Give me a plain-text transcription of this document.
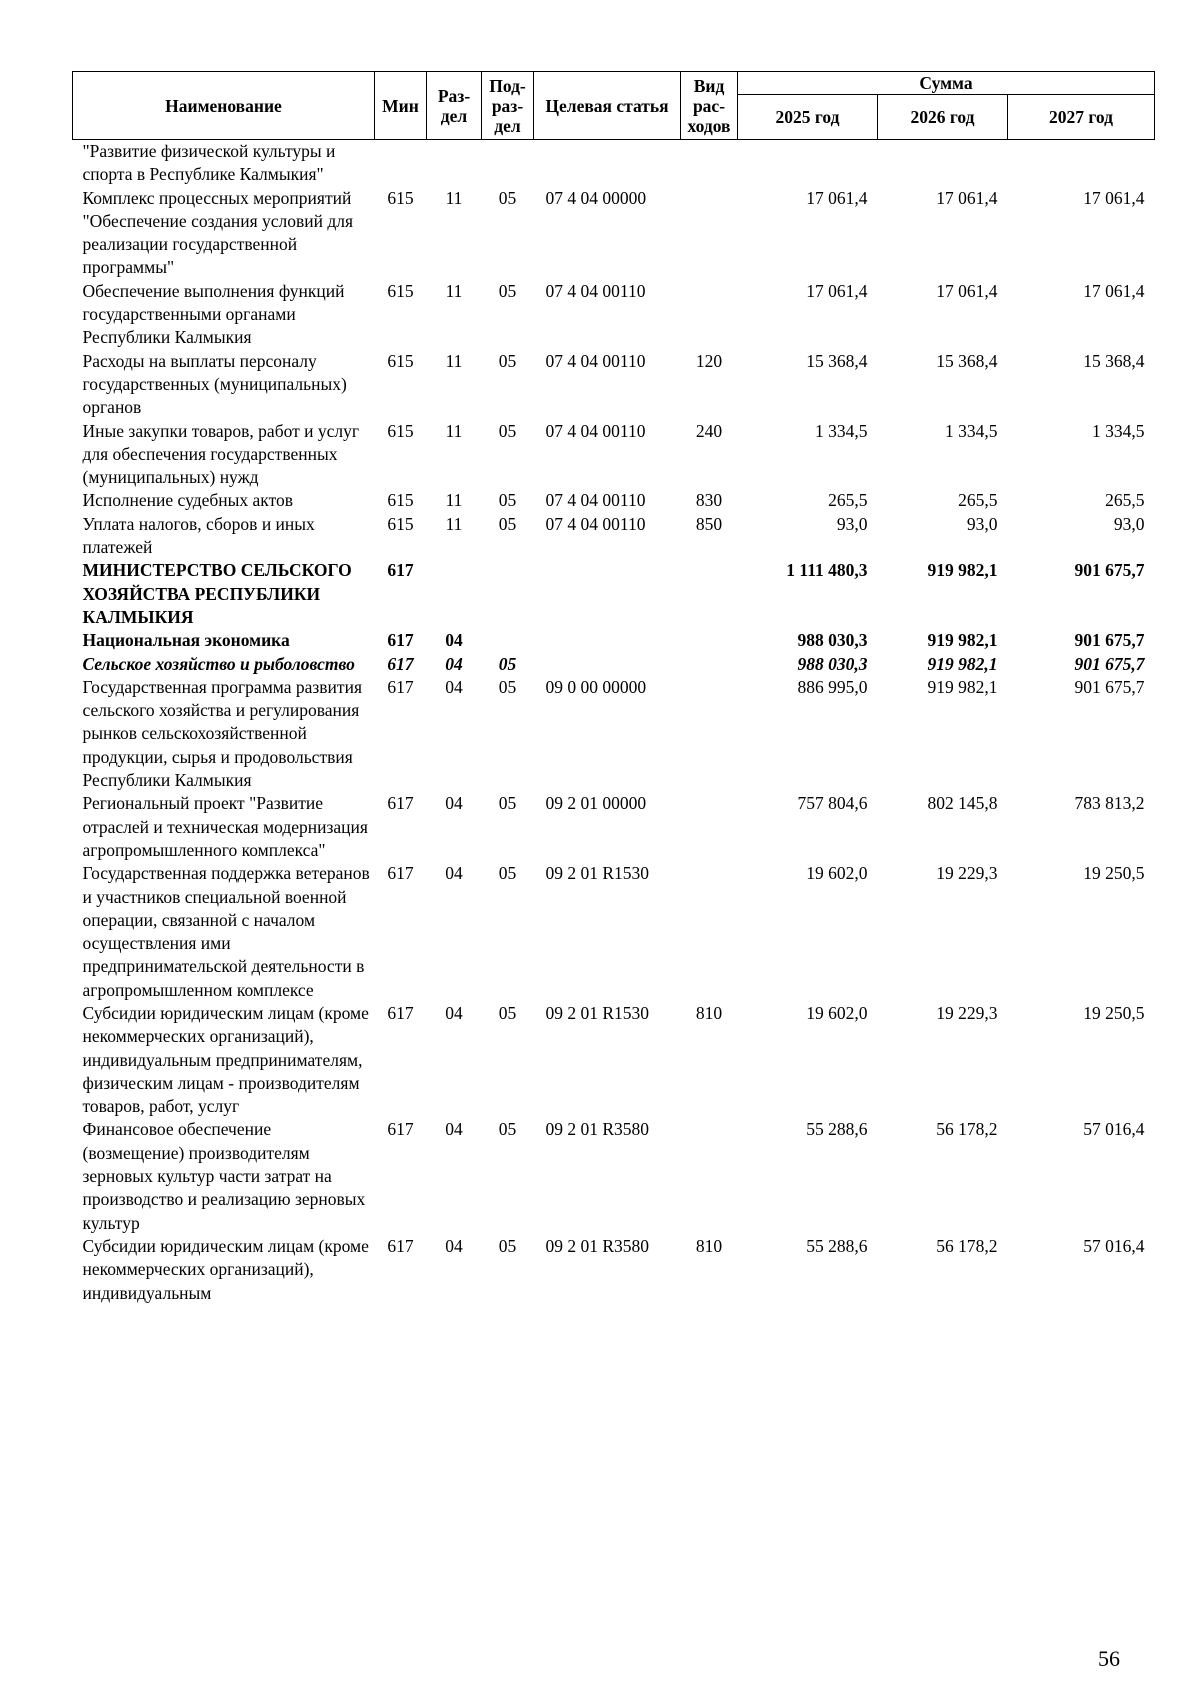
Наименование	Мин	Раз-дел	Под-раз-дел	Целевая статья	Вид рас-ходов	Сумма		
						2025 год	2026 год	2027 год
"Развитие физической культуры и спорта в Республике Калмыкия"								
Комплекс процессных мероприятий "Обеспечение создания условий для реализации государственной программы"	615	11	05	07 4 04 00000		17 061,4	17 061,4	17 061,4
Обеспечение выполнения функций государственными органами Республики Калмыкия	615	11	05	07 4 04 00110		17 061,4	17 061,4	17 061,4
Расходы на выплаты персоналу государственных (муниципальных) органов	615	11	05	07 4 04 00110	120	15 368,4	15 368,4	15 368,4
Иные закупки товаров, работ и услуг для обеспечения государственных (муниципальных) нужд	615	11	05	07 4 04 00110	240	1 334,5	1 334,5	1 334,5
Исполнение судебных актов	615	11	05	07 4 04 00110	830	265,5	265,5	265,5
Уплата налогов, сборов и иных платежей	615	11	05	07 4 04 00110	850	93,0	93,0	93,0
МИНИСТЕРСТВО СЕЛЬСКОГО ХОЗЯЙСТВА РЕСПУБЛИКИ КАЛМЫКИЯ	617					1 111 480,3	919 982,1	901 675,7
Национальная экономика	617	04				988 030,3	919 982,1	901 675,7
Сельское хозяйство и рыболовство	617	04	05			988 030,3	919 982,1	901 675,7
Государственная программа развития сельского хозяйства и регулирования рынков сельскохозяйственной продукции, сырья и продовольствия Республики Калмыкия	617	04	05	09 0 00 00000		886 995,0	919 982,1	901 675,7
Региональный проект "Развитие отраслей и техническая модернизация агропромышленного комплекса"	617	04	05	09 2 01 00000		757 804,6	802 145,8	783 813,2
Государственная поддержка ветеранов и участников специальной военной операции, связанной с началом осуществления ими предпринимательской деятельности в агропромышленном комплексе	617	04	05	09 2 01 R1530		19 602,0	19 229,3	19 250,5
Субсидии юридическим лицам (кроме некоммерческих организаций), индивидуальным предпринимателям, физическим лицам - производителям товаров, работ, услуг	617	04	05	09 2 01 R1530	810	19 602,0	19 229,3	19 250,5
Финансовое обеспечение (возмещение) производителям зерновых культур части затрат на производство и реализацию зерновых культур	617	04	05	09 2 01 R3580		55 288,6	56 178,2	57 016,4
Субсидии юридическим лицам (кроме некоммерческих организаций), индивидуальным	617	04	05	09 2 01 R3580	810	55 288,6	56 178,2	57 016,4
56
